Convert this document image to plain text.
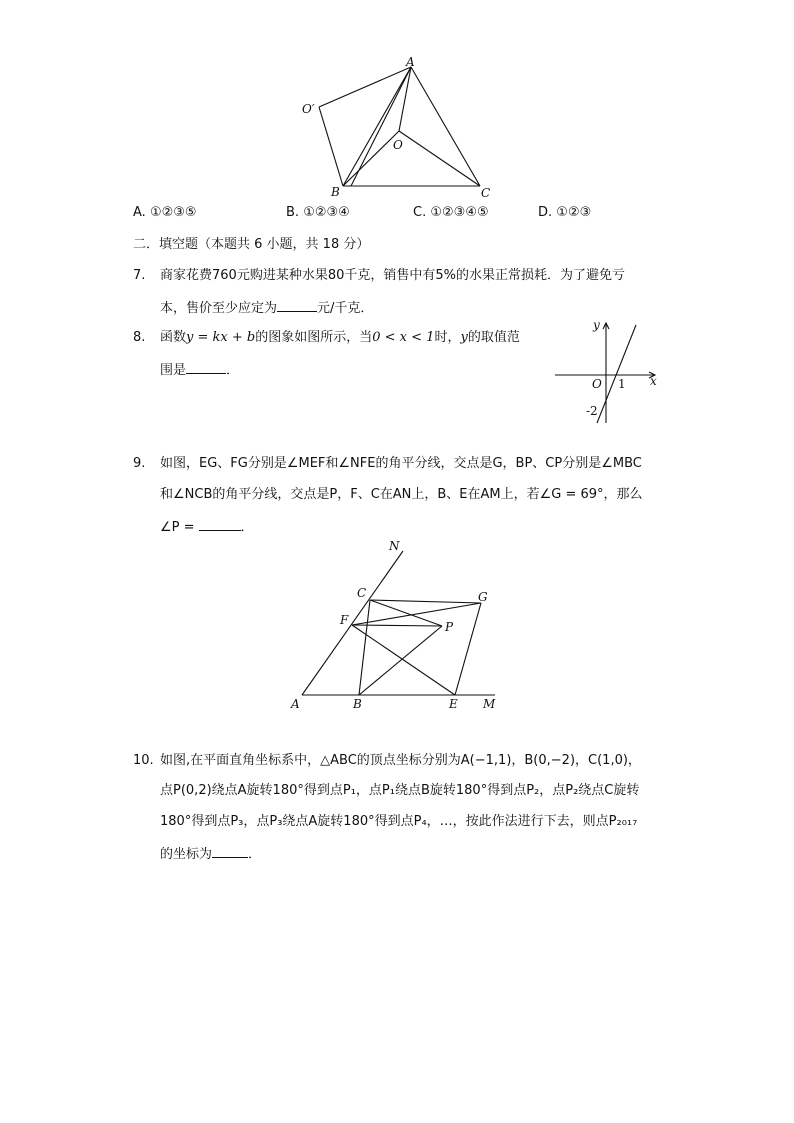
A
O′
O
B	C
A. ①②③⑤	B. ①②③④	C. ①②③④⑤	D. ①②③
二．填空题（本题共 6 小题，共 18 分）
7. 商家花费760元购进某种水果80千克，销售中有5%的水果正常损耗．为了避免亏
本，售价至少应定为	元/千克．
8. 函数y = kx + b的图象如图所示，当0 < x < 1时，y的取值范
围是	．
y
x
O 1
-2
9. 如图，EG、FG分别是∠MEF和∠NFE的角平分线，交点是G，BP、CP分别是∠MBC
和∠NCB的角平分线，交点是P，F、C在AN上，B、E在AM上，若∠G = 69°，那么
∠P =	．
N
C	G
F	P
A	B	E M
10. 如图,在平面直角坐标系中，△ABC的顶点坐标分别为A(−1,1)，B(0,−2)，C(1,0)，
点P(0,2)绕点A旋转180°得到点P₁，点P₁绕点B旋转180°得到点P₂，点P₂绕点C旋转
180°得到点P₃，点P₃绕点A旋转180°得到点P₄，…，按此作法进行下去，则点P₂₀₁₇
的坐标为	．
